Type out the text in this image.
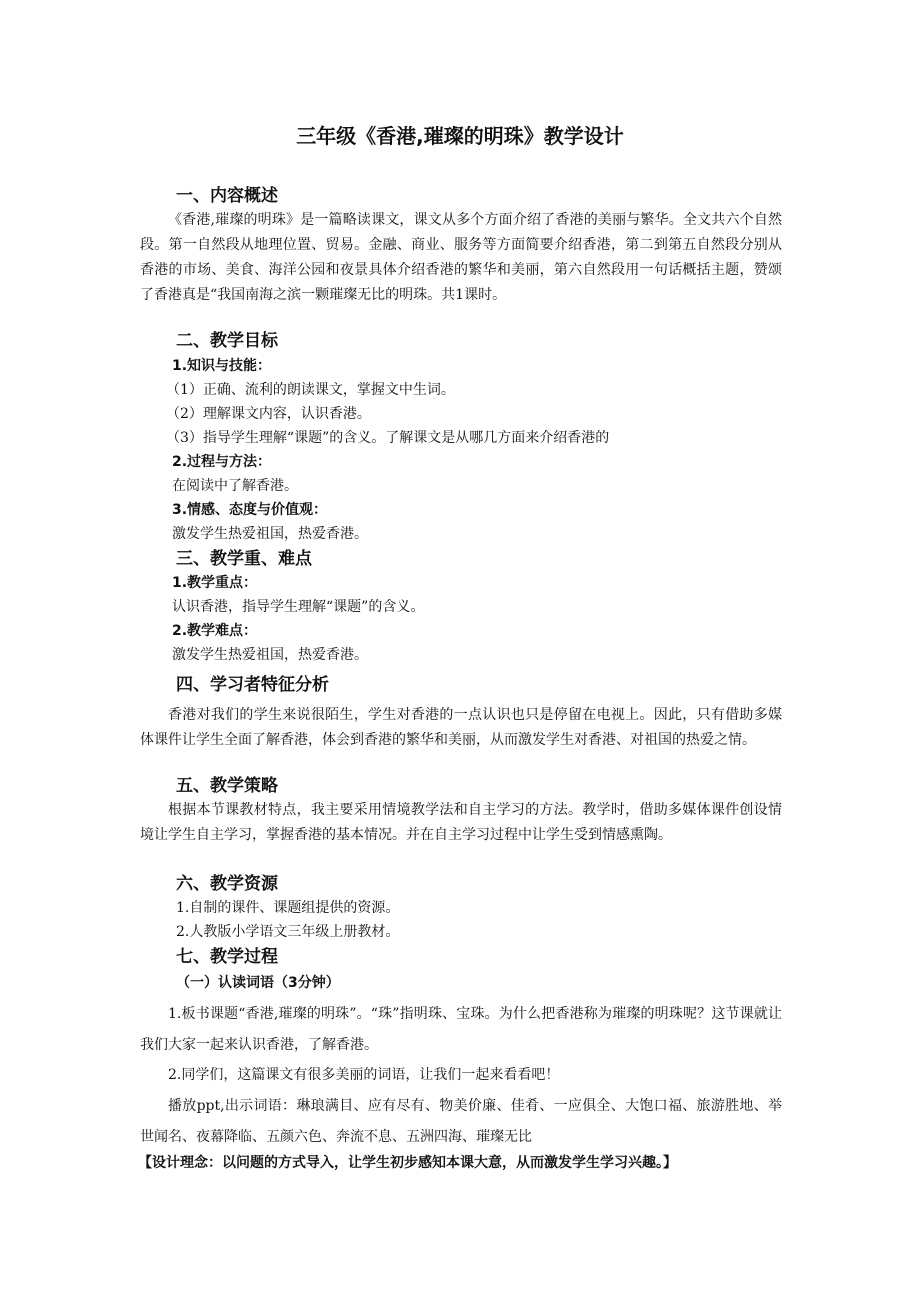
三年级《香港,璀璨的明珠》教学设计
一、内容概述

《香港,璀璨的明珠》是一篇略读课文，课文从多个方面介绍了香港的美丽与繁华。全文共六个自然段。第一自然段从地理位置、贸易。金融、商业、服务等方面简要介绍香港，第二到第五自然段分别从香港的市场、美食、海洋公园和夜景具体介绍香港的繁华和美丽，第六自然段用一句话概括主题，赞颂了香港真是“我国南海之滨一颗璀璨无比的明珠。共1课时。

二、教学目标
1.知识与技能：
（1）正确、流利的朗读课文，掌握文中生词。
（2）理解课文内容，认识香港。
（3）指导学生理解“课题”的含义。了解课文是从哪几方面来介绍香港的
2.过程与方法：
在阅读中了解香港。
3.情感、态度与价值观：
激发学生热爱祖国，热爱香港。
三、教学重、难点
1.教学重点：
认识香港，指导学生理解“课题”的含义。
2.教学难点：
激发学生热爱祖国，热爱香港。
四、学习者特征分析

香港对我们的学生来说很陌生，学生对香港的一点认识也只是停留在电视上。因此，只有借助多媒体课件让学生全面了解香港，体会到香港的繁华和美丽，从而激发学生对香港、对祖国的热爱之情。

五、教学策略

根据本节课教材特点，我主要采用情境教学法和自主学习的方法。教学时，借助多媒体课件创设情境让学生自主学习，掌握香港的基本情况。并在自主学习过程中让学生受到情感熏陶。

六、教学资源
1.自制的课件、课题组提供的资源。
2.人教版小学语文三年级上册教材。
七、教学过程
（一）认读词语（3分钟）

1.板书课题“香港,璀璨的明珠”。“珠”指明珠、宝珠。为什么把香港称为璀璨的明珠呢？这节课就让我们大家一起来认识香港，了解香港。

2.同学们，这篇课文有很多美丽的词语，让我们一起来看看吧！

播放ppt,出示词语：琳琅满目、应有尽有、物美价廉、佳肴、一应俱全、大饱口福、旅游胜地、举世闻名、夜幕降临、五颜六色、奔流不息、五洲四海、璀璨无比

【设计理念：以问题的方式导入，让学生初步感知本课大意，从而激发学生学习兴趣。】
